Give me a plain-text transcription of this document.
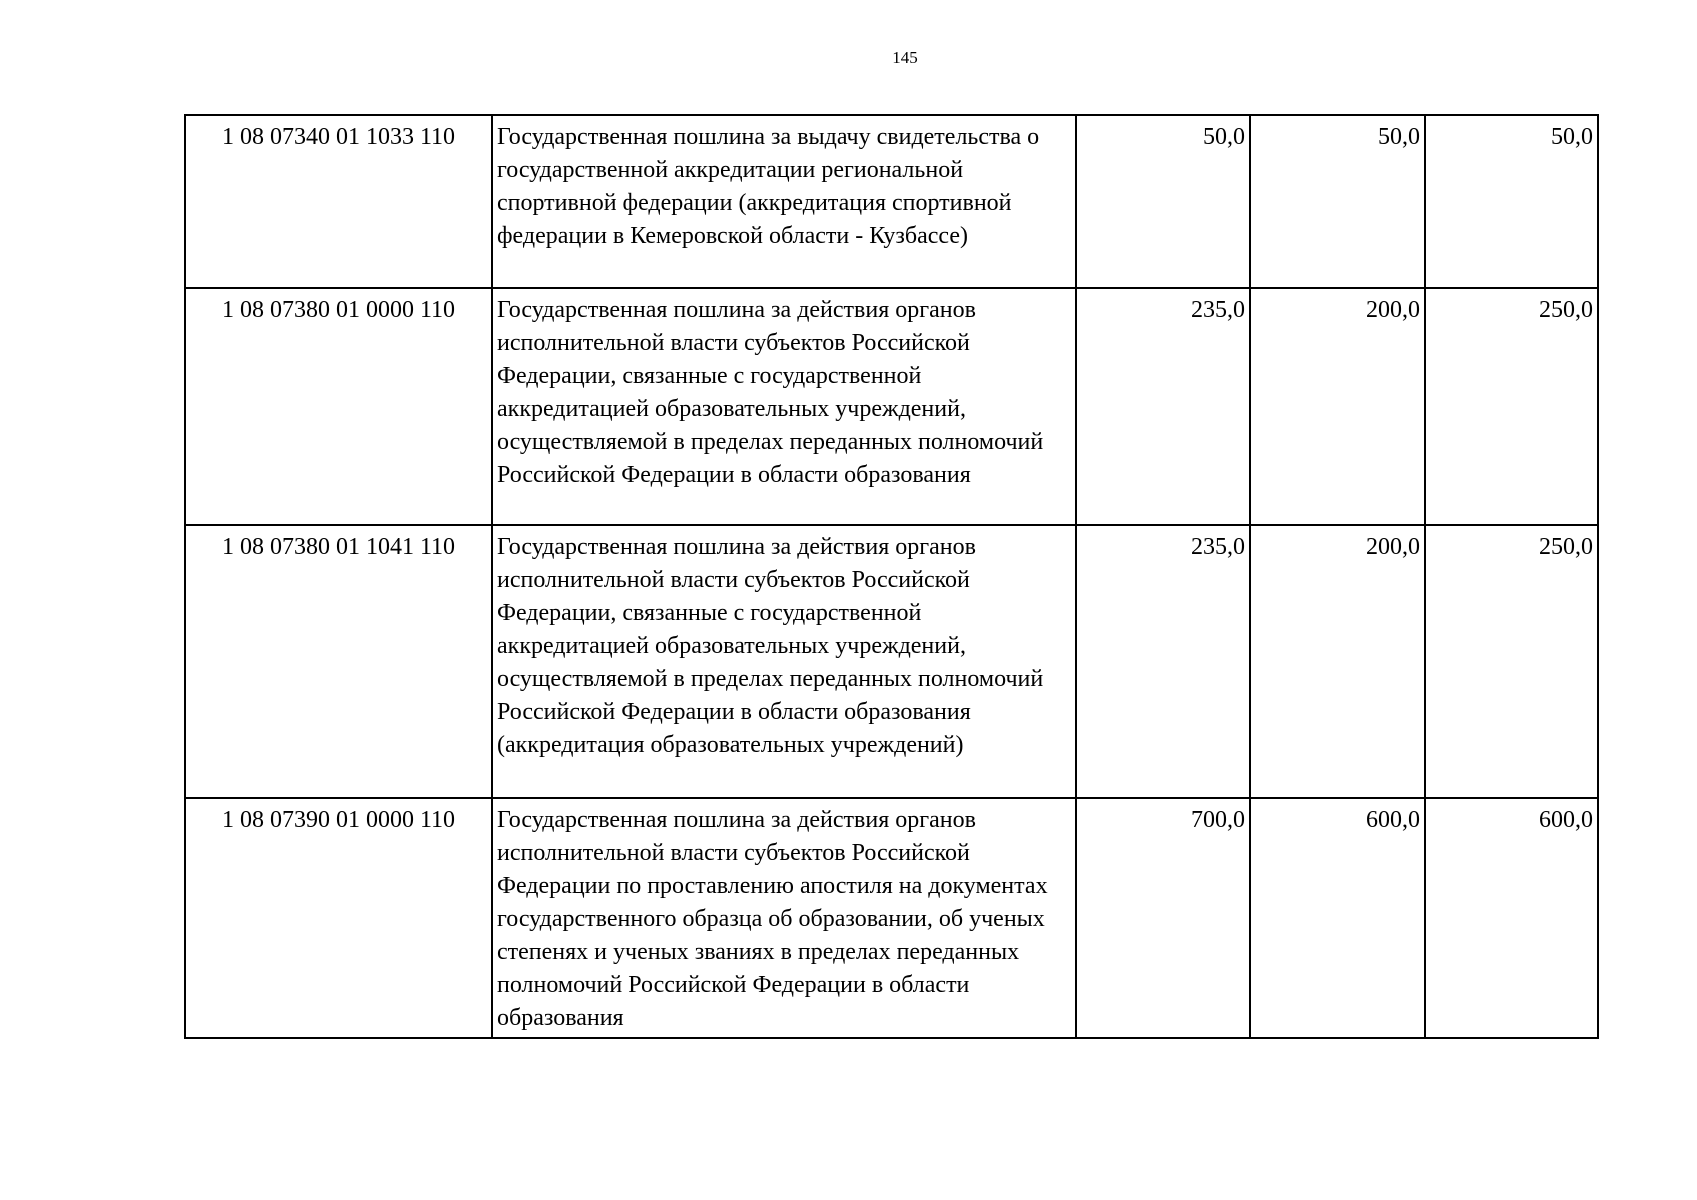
145
1 08 07340 01 1033 110	Государственная пошлина за выдачу свидетельства о государственной аккредитации региональной спортивной федерации (аккредитация спортивной федерации в Кемеровской области - Кузбассе)	50,0	50,0	50,0
1 08 07380 01 0000 110	Государственная пошлина за действия органов исполнительной власти субъектов Российской Федерации, связанные с государственной аккредитацией образовательных учреждений, осуществляемой в пределах переданных полномочий Российской Федерации в области образования	235,0	200,0	250,0
1 08 07380 01 1041 110	Государственная пошлина за действия органов исполнительной власти субъектов Российской Федерации, связанные с государственной аккредитацией образовательных учреждений, осуществляемой в пределах переданных полномочий Российской Федерации в области образования (аккредитация образовательных учреждений)	235,0	200,0	250,0
1 08 07390 01 0000 110	Государственная пошлина за действия органов исполнительной власти субъектов Российской Федерации по проставлению апостиля на документах государственного образца об образовании, об ученых степенях и ученых званиях в пределах переданных полномочий Российской Федерации в области образования	700,0	600,0	600,0
